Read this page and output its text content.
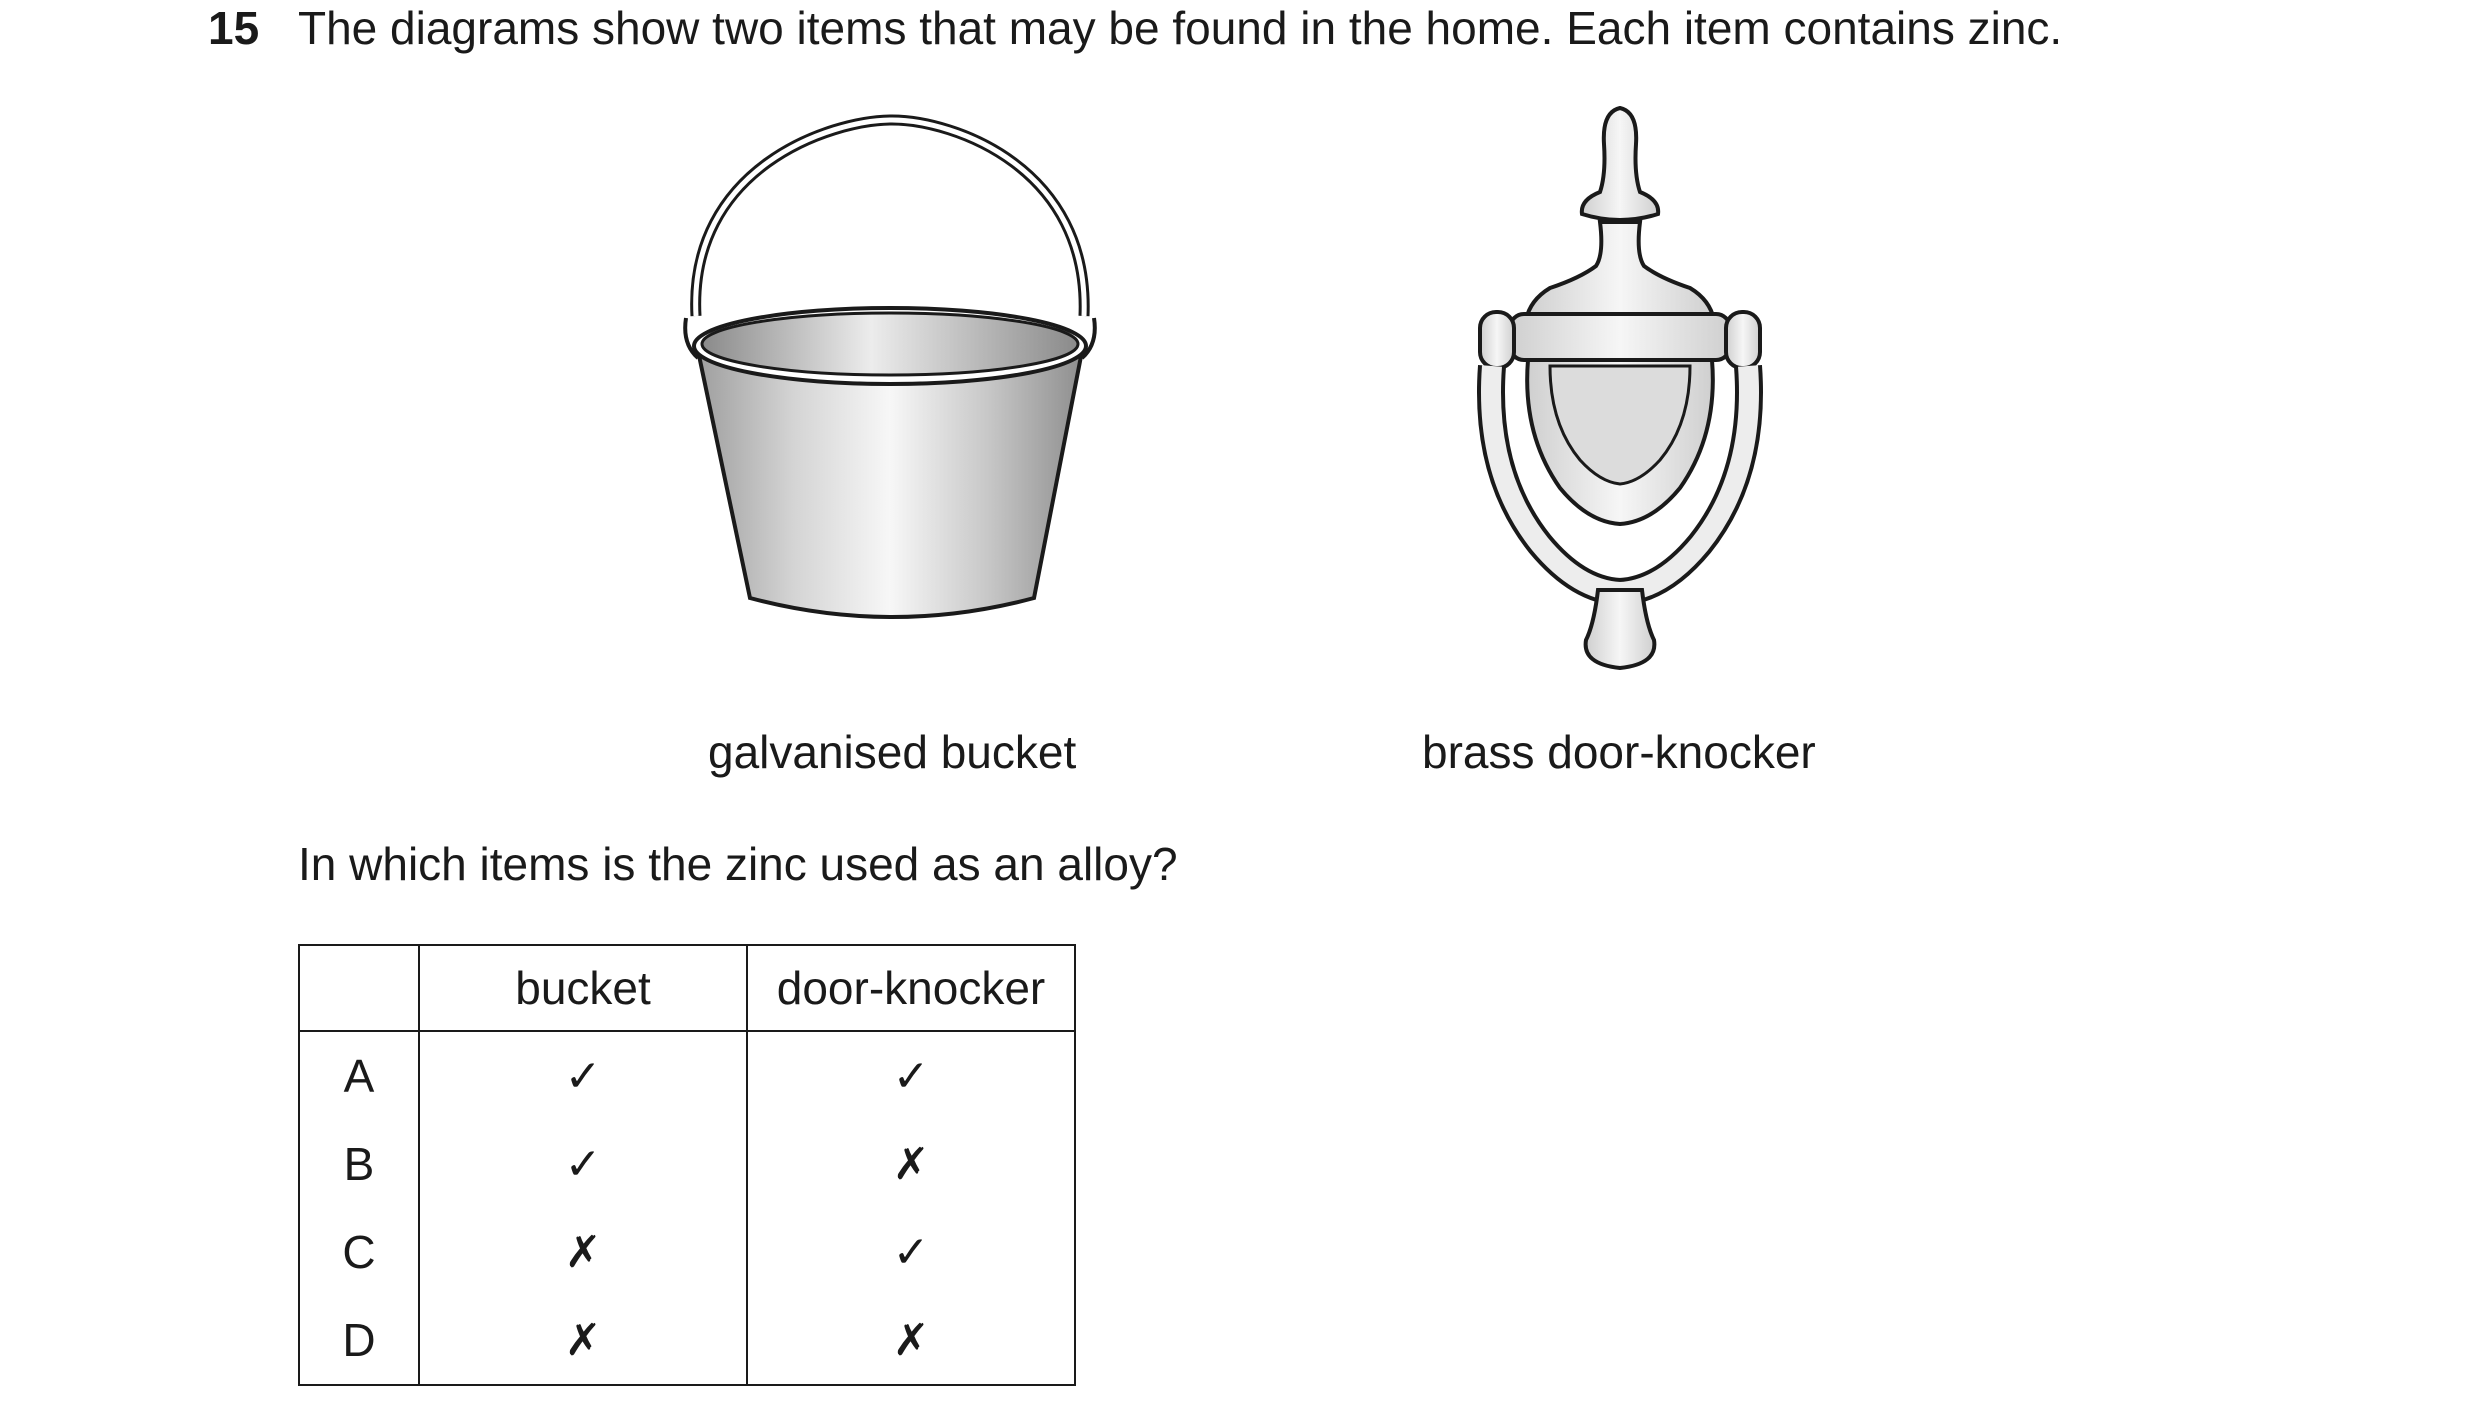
15 The diagrams show two items that may be found in the home. Each item contains zinc.
galvanised bucket	brass door-knocker
In which items is the zinc used as an alloy?
	bucket	door-knocker
A	✓	✓
B	✓	✗
C	✗	✓
D	✗	✗
